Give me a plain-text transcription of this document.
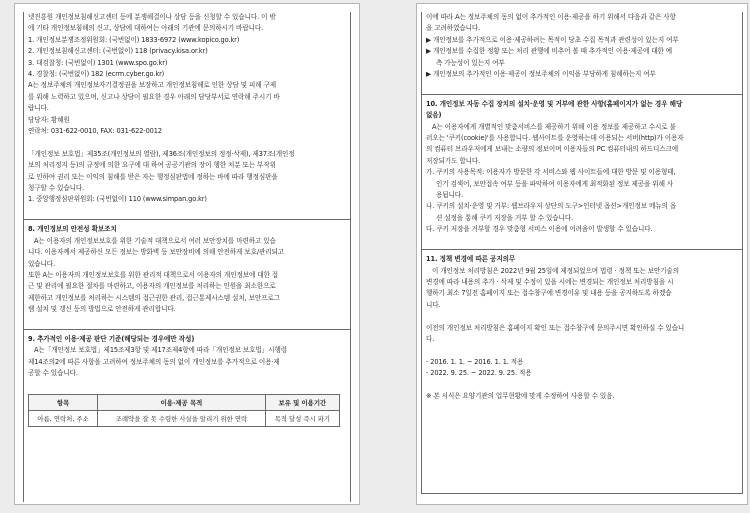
넷진흥원 개인정보침해신고센터 등에 분쟁해결이나 상담 등을 신청할 수 있습니다. 이 밖

에 기타 개인정보침해의 신고, 상담에 대하여는 아래의 기관에 문의하시기 바랍니다.

1. 개인정보분쟁조정위원회: (국번없이) 1833-6972 (www.kopico.go.kr)

2. 개인정보침해신고센터: (국번없이) 118 (privacy.kisa.or.kr)

3. 대검찰청: (국번없이) 1301 (www.spo.go.kr)

4. 경찰청: (국번없이) 182 (ecrm.cyber.go.kr)

A는 정보주체의 개인정보자기결정권을 보장하고 개인정보침해로 인한 상담 및 피해 구제

를 위해 노력하고 있으며, 신고나 상담이 필요한 경우 아래의 담당부서로 연락해 주시기 바

랍니다.

담당자: 황혜원

연락처: 031-622-0010, FAX: 031-622-0012

「개인정보 보호법」제35조(개인정보의 열람), 제36조(개인정보의 정정·삭제), 제37조(개인정

보의 처리정지 등)의 규정에 의한 요구에 대 하여 공공기관의 장이 행한 처분 또는 부작위

로 인하여 권리 또는 이익의 침해를 받은 자는 행정심판법에 정하는 바에 따라 행정심판을

청구할 수 있습니다.

1. 중앙행정심판위원회: (국번없이) 110 (www.simpan.go.kr)

8. 개인정보의 안전성 확보조치

A는 이용자의 개인정보보호를 위한 기술적 대책으로서 여러 보안장치를 마련하고 있습

니다. 이용자께서 제공하신 모든 정보는 방화벽 등 보안장비에 의해 안전하게 보호/관리되고

있습니다.

또한 A는 이용자의 개인정보보호를 위한 관리적 대책으로서 이용자의 개인정보에 대한 접

근 및 관리에 필요한 절차를 마련하고, 이용자의 개인정보를 처리하는 인원을 최소한으로

제한하고 개인정보를 처리하는 시스템의 접근권한 관리, 접근통제시스템 설치, 보안프로그

램 설치 및 갱신 등의 방법으로 안전하게 관리합니다.

9. 추가적인 이용·제공 판단 기준(해당되는 경우에만 작성)

A는「개인정보 보호법」제15조제3항 및 제17조제4항에 따라「개인정보 보호법」시행령

제14조의2에 따른 사항을 고려하여 정보주체의 동의 없이 개인정보를 추가적으로 이용·제

공할 수 있습니다.

항목	이용·제공 목적	보유 및 이용기간
아름, 연락처, 주소	조례약을 잘 못 수령한 사실을 알리기 위한 연락	목적 달성 즉시 파기

이에 따라 A는 정보주체의 동의 없이 추가적인 이용·제공을 하기 위해서 다음과 같은 사항

을 고려하였습니다.

▶ 개인정보를 추가적으로 이용·제공하려는 목적이 당초 수집 목적과 관련성이 있는지 여부

▶ 개인정보를 수집한 정황 또는 처리 관행에 비추어 볼 때 추가적인 이용·제공에 대한 예

측 가능성이 있는지 여부

▶ 개인정보의 추가적인 이용·제공이 정보주체의 이익을 부당하게 침해하는지 여부

10. 개인정보 자동 수집 장치의 설치·운영 및 거부에 관한 사항(홈페이지가 없는 경우 해당

없음)

A는 이용자에게 개별적인 맞춤서비스를 제공하기 위해 이용 정보를 제공하고 수시로 불

러오는 '쿠키(cookie)'를 사용합니다. 웹사이트를 운영하는데 이용되는 서버(http)가 이용자

의 컴퓨터 브라우저에게 보내는 소량의 정보이며 이용자들의 PC 컴퓨터내의 하드디스크에

저장되기도 합니다.

가. 쿠키의 사용목적: 이용자가 방문한 각 서비스와 웹 사이트들에 대한 방문 및 이용형태,

인기 검색어, 보안접속 여부 등을 파악하여 이용자에게 최적화된 정보 제공을 위해 사

용됩니다.

나. 쿠키의 설치·운영 및 거부: 웹브라우저 상단의 도구>인터넷 옵션>개인정보 메뉴의 옵

션 설정을 통해 쿠키 저장을 거부 할 수 있습니다.

다. 쿠키 저장을 거부할 경우 맞춤형 서비스 이용에 어려움이 발생할 수 있습니다.

11. 정책 변경에 따른 공지의무

이 개인정보 처리방침은 2022년 9월 25일에 제정되었으며 법령 · 정책 또는 보안기술의

변경에 따라 내용의 추가 · 삭제 및 수정이 있을 시에는 변경되는 개인정보 처리방침을 시

행하기 최소 7일전 홈페이지 또는 접수창구에 변경이유 및 내용 등을 공지하도록 하겠습

니다.

이전의 개인정보 처리방침은 홈페이지 확인 또는 접수창구에 문의주시면 확인하실 수 있습니

다.

- 2016. 1. 1. ~ 2016. 1. 1. 적용

- 2022. 9. 25. ~ 2022. 9. 25. 적용

※ 본 서식은 요양기관의 업무현황에 맞게 수정하여 사용할 수 있음.
